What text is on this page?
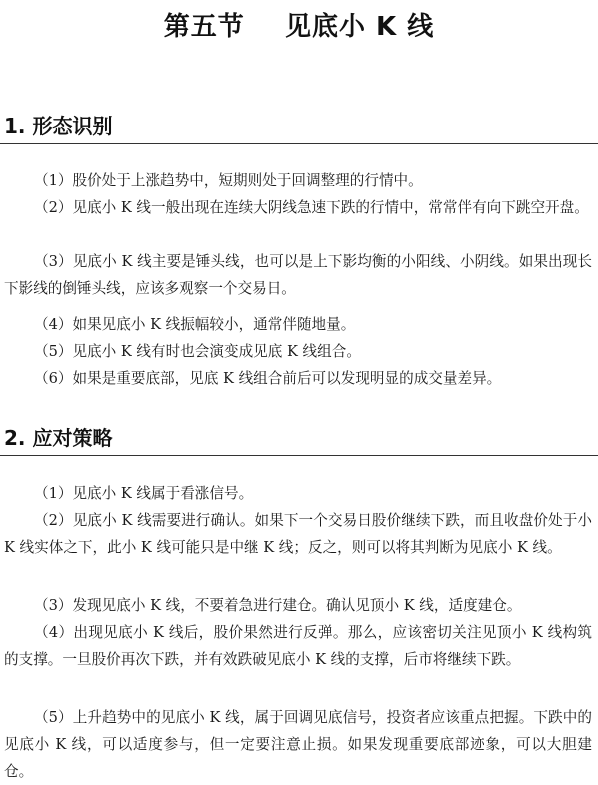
第五节    见底小 K 线
1. 形态识别
（1）股价处于上涨趋势中，短期则处于回调整理的行情中。
（2）见底小 K 线一般出现在连续大阴线急速下跌的行情中，常常伴有向下跳空开盘。
（3）见底小 K 线主要是锤头线，也可以是上下影均衡的小阳线、小阴线。如果出现长下影线的倒锤头线，应该多观察一个交易日。
（4）如果见底小 K 线振幅较小，通常伴随地量。
（5）见底小 K 线有时也会演变成见底 K 线组合。
（6）如果是重要底部，见底 K 线组合前后可以发现明显的成交量差异。
2. 应对策略
（1）见底小 K 线属于看涨信号。
（2）见底小 K 线需要进行确认。如果下一个交易日股价继续下跌，而且收盘价处于小 K 线实体之下，此小 K 线可能只是中继 K 线；反之，则可以将其判断为见底小 K 线。
（3）发现见底小 K 线，不要着急进行建仓。确认见顶小 K 线，适度建仓。
（4）出现见底小 K 线后，股价果然进行反弹。那么，应该密切关注见顶小 K 线构筑的支撑。一旦股价再次下跌，并有效跌破见底小 K 线的支撑，后市将继续下跌。
（5）上升趋势中的见底小 K 线，属于回调见底信号，投资者应该重点把握。下跌中的见底小 K 线，可以适度参与，但一定要注意止损。如果发现重要底部迹象，可以大胆建仓。
